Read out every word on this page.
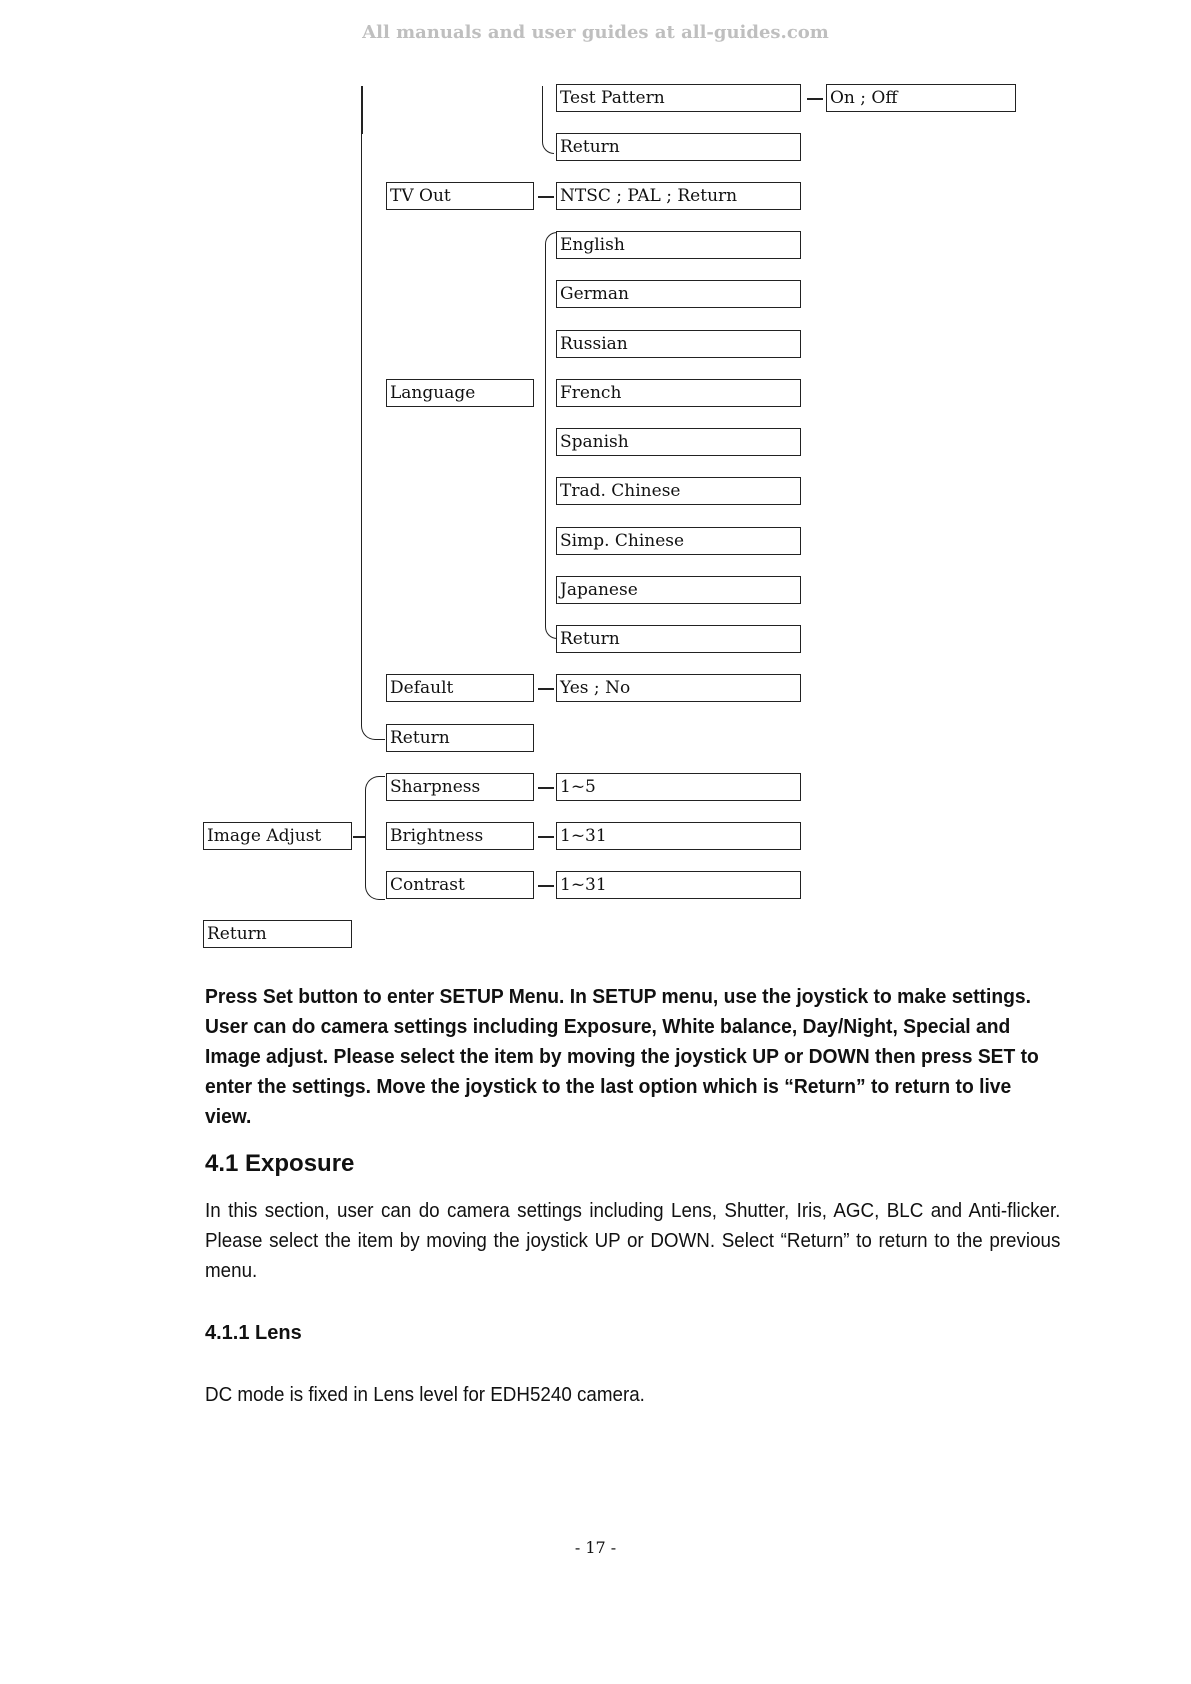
All manuals and user guides at all-guides.com
Test Pattern	On ; Off
Return
TV Out	NTSC ; PAL ; Return
Language
English
German
Russian
French
Spanish
Trad. Chinese
Simp. Chinese
Japanese
Return
Default	Yes ; No
Return
Image Adjust
Sharpness	1~5
Brightness	1~31
Contrast	1~31
Return
Press Set button to enter SETUP Menu. In SETUP menu, use the joystick to make settings. User can do camera settings including Exposure, White balance, Day/Night, Special and Image adjust. Please select the item by moving the joystick UP or DOWN then press SET to enter the settings. Move the joystick to the last option which is “Return” to return to live view.
4.1 Exposure
In this section, user can do camera settings including Lens, Shutter, Iris, AGC, BLC and Anti-flicker. Please select the item by moving the joystick UP or DOWN. Select “Return” to return to the previous menu.
4.1.1 Lens
DC mode is fixed in Lens level for EDH5240 camera.
- 17 -
